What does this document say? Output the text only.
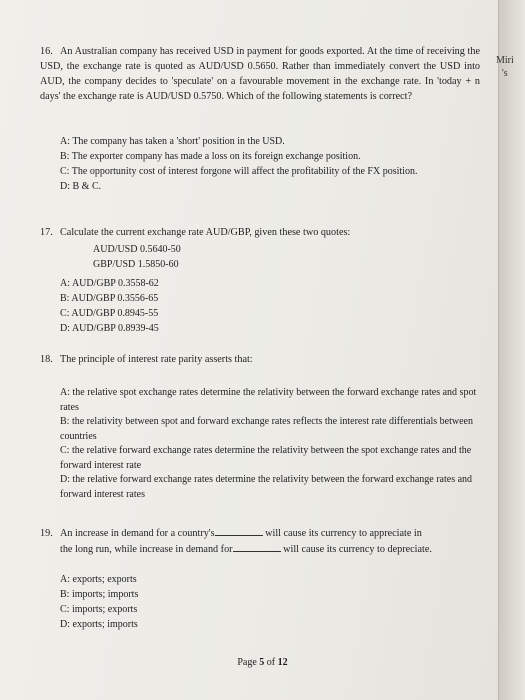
Miri
's

16. An Australian company has received USD in payment for goods exported. At the time of receiving the USD, the exchange rate is quoted as AUD/USD 0.5650. Rather than immediately convert the USD into AUD, the company decides to 'speculate' on a favourable movement in the exchange rate. In 'today + n days' the exchange rate is AUD/USD 0.5750. Which of the following statements is correct?

A: The company has taken a 'short' position in the USD.
B: The exporter company has made a loss on its foreign exchange position.
C: The opportunity cost of interest forgone will affect the profitability of the FX position.
D: B & C.

17. Calculate the current exchange rate AUD/GBP, given these two quotes:

AUD/USD 0.5640-50
GBP/USD 1.5850-60
A: AUD/GBP 0.3558-62
B: AUD/GBP 0.3556-65
C: AUD/GBP 0.8945-55
D: AUD/GBP 0.8939-45

18. The principle of interest rate parity asserts that:

A: the relative spot exchange rates determine the relativity between the forward exchange rates and spot rates
B: the relativity between spot and forward exchange rates reflects the interest rate differentials between countries
C: the relative forward exchange rates determine the relativity between the spot exchange rates and the forward interest rate
D: the relative forward exchange rates determine the relativity between the forward exchange rates and forward interest rates

19. An increase in demand for a country's	will cause its currency to appreciate in

the long run, while increase in demand for	will cause its currency to depreciate.

A: exports; exports
B: imports; imports
C: imports; exports
D: exports; imports
Page 5 of 12
